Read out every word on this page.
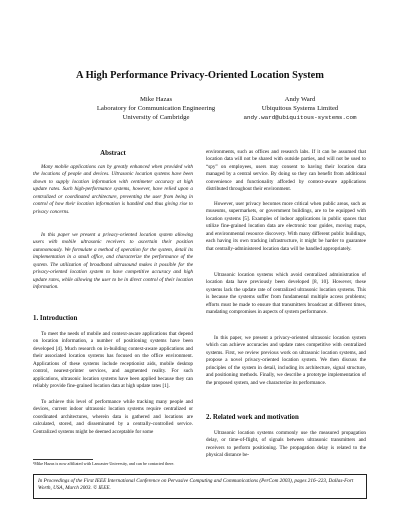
A High Performance Privacy-Oriented Location System
Mike Hazas
Laboratory for Communication Engineering
University of Cambridge
Andy Ward
Ubiquitous Systems Limited
andy.ward@ubiquitous-systems.com
Abstract

Many mobile applications can by greatly enhanced when provided with the locations of people and devices. Ultrasonic location systems have been shown to supply location information with centimeter accuracy at high update rates. Such high-performance systems, however, have relied upon a centralized or coordinated architecture, preventing the user from being in control of how their location information is handled and thus giving rise to privacy concerns.

In this paper we present a privacy-oriented location system allowing users with mobile ultrasonic receivers to ascertain their position autonomously. We formulate a method of operation for the system, detail its implementation in a small office, and characterize the performance of the system. The utilization of broadband ultrasound makes it possible for the privacy-oriented location system to have competitive accuracy and high update rates, while allowing the user to be in direct control of their location information.

1. Introduction

To meet the needs of mobile and context-aware applications that depend on location information, a number of positioning systems have been developed [4]. Much research on in-building context-aware applications and their associated location systems has focused on the office environment. Applications of these systems include receptionist aids, mobile desktop control, nearest-printer services, and augmented reality. For such applications, ultrasonic location systems have been applied because they can reliably provide fine-grained location data at high update rates [1].

To achieve this level of performance while tracking many people and devices, current indoor ultrasonic location systems require centralized or coordinated architectures, wherein data is gathered and locations are calculated, stored, and disseminated by a centrally-controlled service. Centralized systems might be deemed acceptable for some

¹Mike Hazas is now affiliated with Lancaster University, and can be contacted there.

environments, such as offices and research labs. If it can be assumed that location data will not be shared with outside parties, and will not be used to “spy” on employees, users may consent to having their location data managed by a central service. By doing so they can benefit from additional convenience and functionality afforded by context-aware applications distributed throughout their environment.

However, user privacy becomes more critical when public areas, such as museums, supermarkets, or government buildings, are to be equipped with location systems [5]. Examples of indoor applications in public spaces that utilize fine-grained location data are electronic tour guides, moving maps, and environmental resource discovery. With many different public buildings, each having its own tracking infrastructure, it might be harder to guarantee that centrally-administered location data will be handled appropriately.

Ultrasonic location systems which avoid centralized administration of location data have previously been developed [8, 10]. However, these systems lack the update rate of centralized ultrasonic location systems. This is because the systems suffer from fundamental multiple access problems; efforts must be made to ensure that transmitters broadcast at different times, mandating compromises in aspects of system performance.

In this paper, we present a privacy-oriented ultrasonic location system which can achieve accuracies and update rates competitive with centralized systems. First, we review previous work on ultrasonic location systems, and propose a novel privacy-oriented location system. We then discuss the principles of the system in detail, including its architecture, signal structure, and positioning methods. Finally, we describe a prototype implementation of the proposed system, and we characterize its performance.

2. Related work and motivation

Ultrasonic location systems commonly use the measured propagation delay, or time-of-flight, of signals between ultrasonic transmitters and receivers to perform positioning. The propagation delay is related to the physical distance be-

In Proceedings of the First IEEE International Conference on Pervasive Computing and Communications (PerCom 2003), pages 216–223, Dallas-Fort Worth, USA, March 2003. © IEEE.
